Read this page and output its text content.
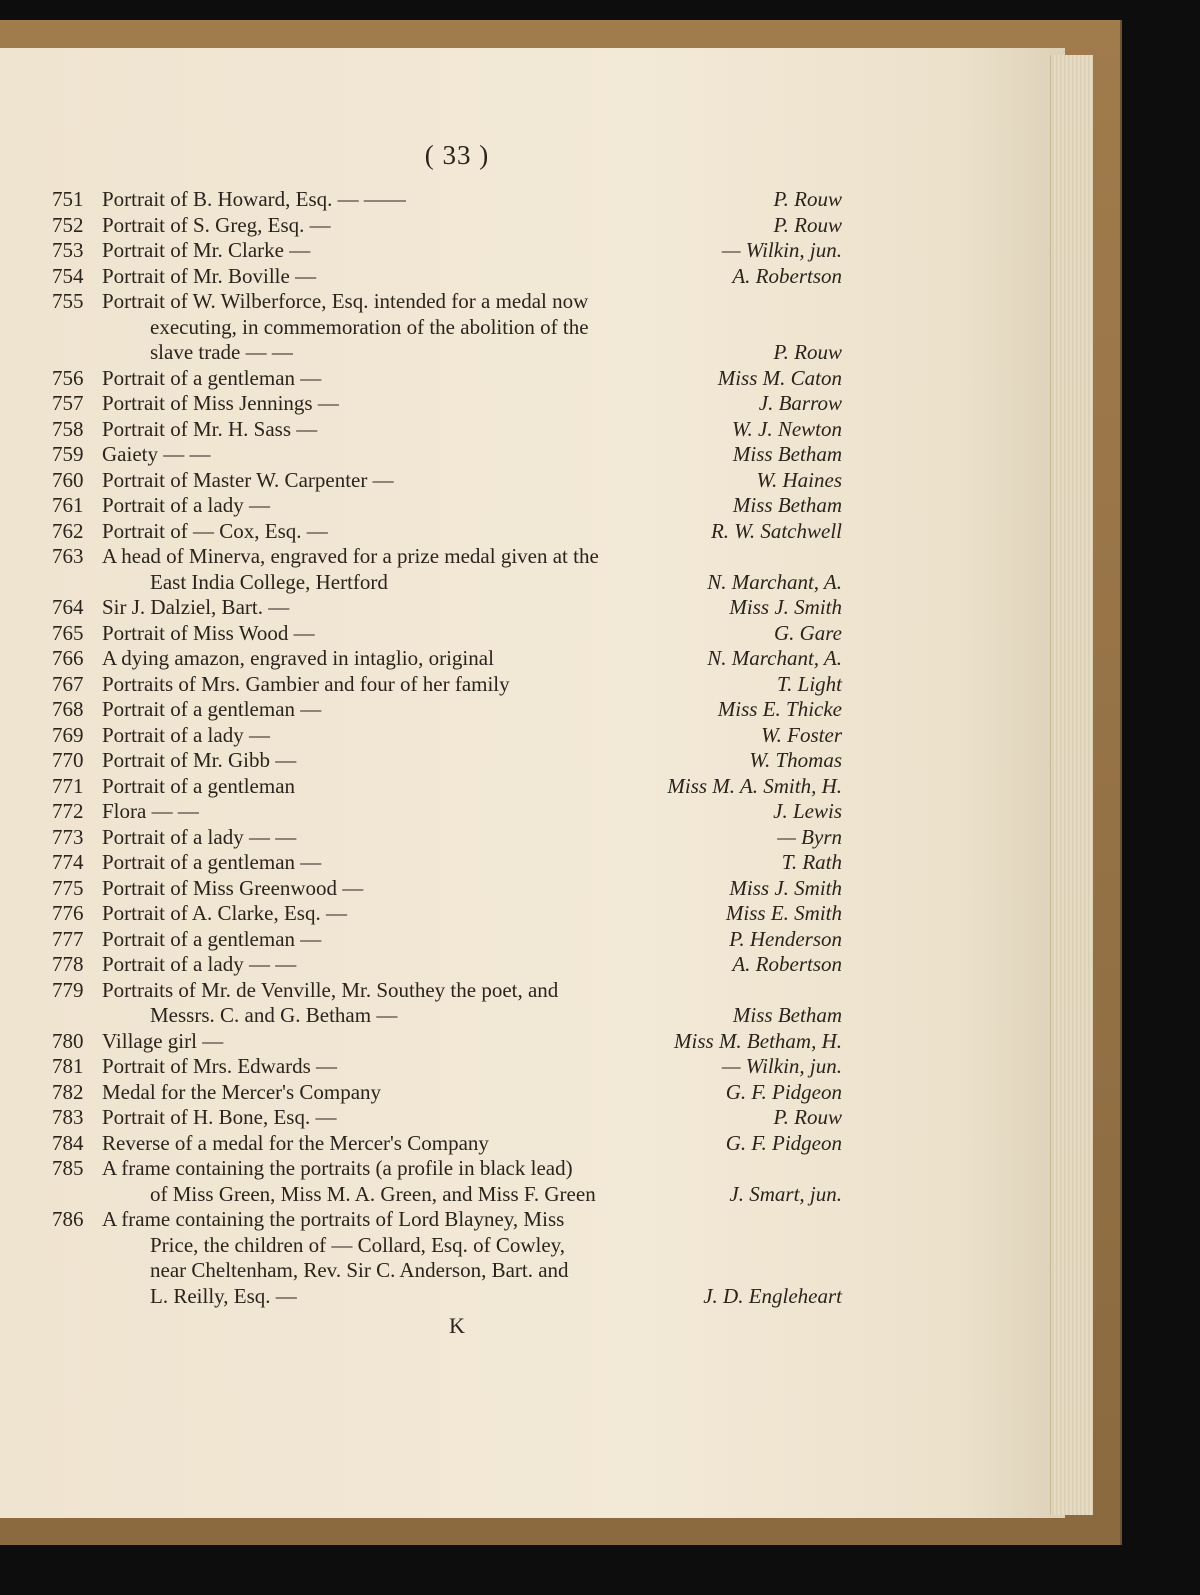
( 33 )
751 Portrait of B. Howard, Esq. — ——	P. Rouw
752 Portrait of S. Greg, Esq. —	P. Rouw
753 Portrait of Mr. Clarke —	— Wilkin, jun.
754 Portrait of Mr. Boville —	A. Robertson
755 Portrait of W. Wilberforce, Esq. intended for a medal now
executing, in commemoration of the abolition of the
slave trade — —	P. Rouw
756 Portrait of a gentleman —	Miss M. Caton
757 Portrait of Miss Jennings —	J. Barrow
758 Portrait of Mr. H. Sass —	W. J. Newton
759 Gaiety — —	Miss Betham
760 Portrait of Master W. Carpenter —	W. Haines
761 Portrait of a lady —	Miss Betham
762 Portrait of — Cox, Esq. —	R. W. Satchwell
763 A head of Minerva, engraved for a prize medal given at the
East India College, Hertford	N. Marchant, A.
764 Sir J. Dalziel, Bart. —	Miss J. Smith
765 Portrait of Miss Wood —	G. Gare
766 A dying amazon, engraved in intaglio, original	N. Marchant, A.
767 Portraits of Mrs. Gambier and four of her family	T. Light
768 Portrait of a gentleman —	Miss E. Thicke
769 Portrait of a lady —	W. Foster
770 Portrait of Mr. Gibb —	W. Thomas
771 Portrait of a gentleman	Miss M. A. Smith, H.
772 Flora — —	J. Lewis
773 Portrait of a lady — —	— Byrn
774 Portrait of a gentleman —	T. Rath
775 Portrait of Miss Greenwood —	Miss J. Smith
776 Portrait of A. Clarke, Esq. —	Miss E. Smith
777 Portrait of a gentleman —	P. Henderson
778 Portrait of a lady — —	A. Robertson
779 Portraits of Mr. de Venville, Mr. Southey the poet, and
Messrs. C. and G. Betham —	Miss Betham
780 Village girl —	Miss M. Betham, H.
781 Portrait of Mrs. Edwards —	— Wilkin, jun.
782 Medal for the Mercer's Company	G. F. Pidgeon
783 Portrait of H. Bone, Esq. —	P. Rouw
784 Reverse of a medal for the Mercer's Company	G. F. Pidgeon
785 A frame containing the portraits (a profile in black lead)
of Miss Green, Miss M. A. Green, and Miss F. Green	J. Smart, jun.
786 A frame containing the portraits of Lord Blayney, Miss
Price, the children of — Collard, Esq. of Cowley,
near Cheltenham, Rev. Sir C. Anderson, Bart. and
L. Reilly, Esq. —	J. D. Engleheart
K
